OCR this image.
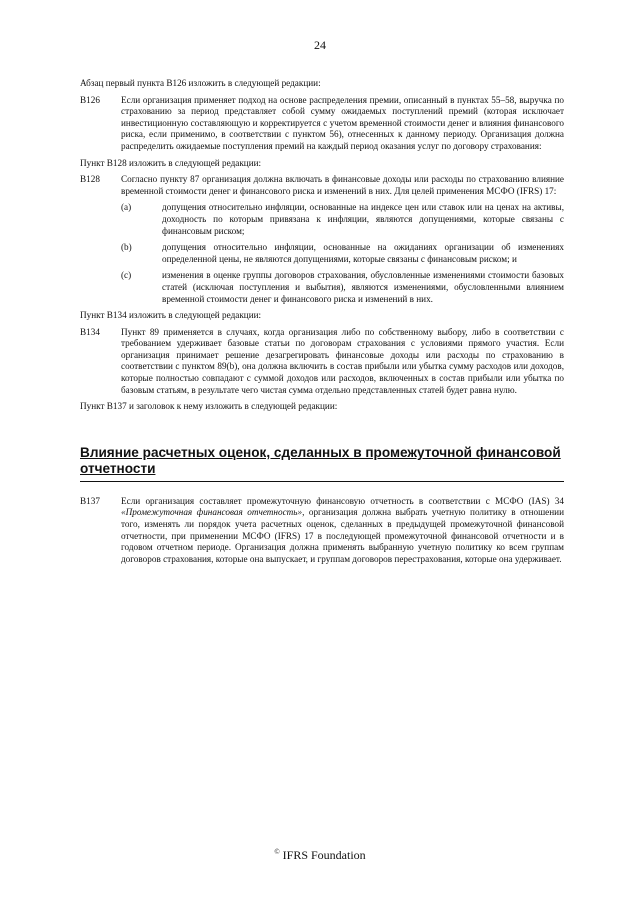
24

Абзац первый пункта В126 изложить в следующей редакции:

В126	Если организация применяет подход на основе распределения премии, описанный в пунктах 55–58, выручка по страхованию за период представляет собой сумму ожидаемых поступлений премий (которая исключает инвестиционную составляющую и корректируется с учетом временной стоимости денег и влияния финансового риска, если применимо, в соответствии с пунктом 56), отнесенных к данному периоду. Организация должна распределить ожидаемые поступления премий на каждый период оказания услуг по договору страхования:

Пункт В128 изложить в следующей редакции:

В128	Согласно пункту 87 организация должна включать в финансовые доходы или расходы по страхованию влияние временной стоимости денег и финансового риска и изменений в них. Для целей применения МСФО (IFRS) 17:
(a)	допущения относительно инфляции, основанные на индексе цен или ставок или на ценах на активы, доходность по которым привязана к инфляции, являются допущениями, которые связаны с финансовым риском;
(b)	допущения относительно инфляции, основанные на ожиданиях организации об изменениях определенной цены, не являются допущениями, которые связаны с финансовым риском; и
(c)	изменения в оценке группы договоров страхования, обусловленные изменениями стоимости базовых статей (исключая поступления и выбытия), являются изменениями, обусловленными влиянием временной стоимости денег и финансового риска и изменений в них.

Пункт В134 изложить в следующей редакции:

В134	Пункт 89 применяется в случаях, когда организация либо по собственному выбору, либо в соответствии с требованием удерживает базовые статьи по договорам страхования с условиями прямого участия. Если организация принимает решение дезагрегировать финансовые доходы или расходы по страхованию в соответствии с пунктом 89(b), она должна включить в состав прибыли или убытка сумму расходов или доходов, которые полностью совпадают с суммой доходов или расходов, включенных в состав прибыли или убытка по базовым статьям, в результате чего чистая сумма отдельно представленных статей будет равна нулю.

Пункт В137 и заголовок к нему изложить в следующей редакции:

Влияние расчетных оценок, сделанных в промежуточной финансовой отчетности
В137	Если организация составляет промежуточную финансовую отчетность в соответствии с МСФО (IAS) 34 «Промежуточная финансовая отчетность», организация должна выбрать учетную политику в отношении того, изменять ли порядок учета расчетных оценок, сделанных в предыдущей промежуточной финансовой отчетности, при применении МСФО (IFRS) 17 в последующей промежуточной финансовой отчетности и в годовом отчетном периоде. Организация должна применять выбранную учетную политику ко всем группам договоров страхования, которые она выпускает, и группам договоров перестрахования, которые она удерживает.
© IFRS Foundation
